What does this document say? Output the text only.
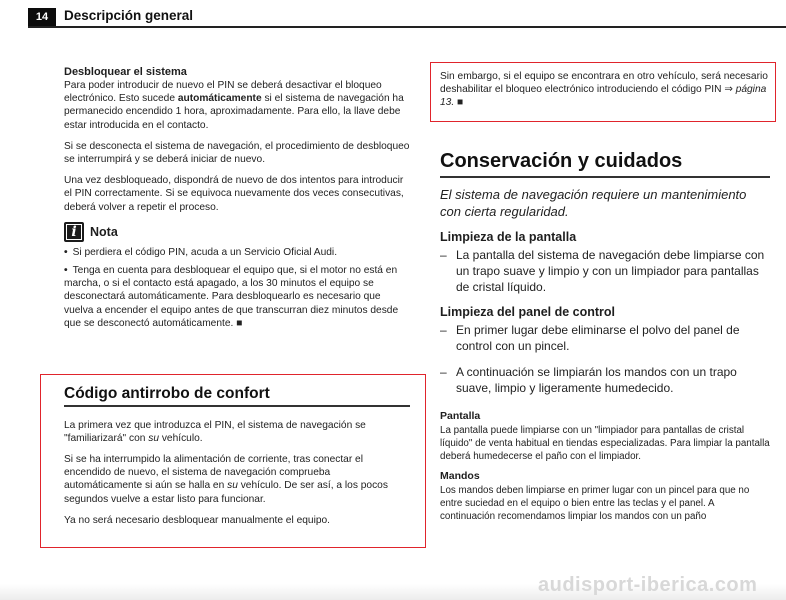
14	Descripción general
Desbloquear el sistema

Para poder introducir de nuevo el PIN se deberá desactivar el bloqueo electrónico. Esto sucede automáticamente si el sistema de navegación ha permanecido encendido 1 hora, aproximadamente. Para ello, la llave debe estar introducida en el contacto.

Si se desconecta el sistema de navegación, el procedimiento de desbloqueo se interrumpirá y se deberá iniciar de nuevo.

Una vez desbloqueado, dispondrá de nuevo de dos intentos para introducir el PIN correctamente. Si se equivoca nuevamente dos veces consecutivas, deberá volver a repetir el proceso.

i	Nota

• Si perdiera el código PIN, acuda a un Servicio Oficial Audi.

• Tenga en cuenta para desbloquear el equipo que, si el motor no está en marcha, o si el contacto está apagado, a los 30 minutos el equipo se desconectará automáticamente. Para desbloquearlo es necesario que vuelva a encender el equipo antes de que transcurran diez minutos desde que se desconectó automáticamente. ■

Código antirrobo de confort

La primera vez que introduzca el PIN, el sistema de navegación se "familiarizará" con su vehículo.

Si se ha interrumpido la alimentación de corriente, tras conectar el encendido de nuevo, el sistema de navegación comprueba automáticamente si aún se halla en su vehículo. De ser así, a los pocos segundos vuelve a estar listo para funcionar.

Ya no será necesario desbloquear manualmente el equipo.

Sin embargo, si el equipo se encontrara en otro vehículo, será necesario deshabilitar el bloqueo electrónico introduciendo el código PIN ⇒ página 13. ■

Conservación y cuidados

El sistema de navegación requiere un mantenimiento con cierta regularidad.

Limpieza de la pantalla
– La pantalla del sistema de navegación debe limpiarse con un trapo suave y limpio y con un limpiador para pantallas de cristal líquido.
Limpieza del panel de control
– En primer lugar debe eliminarse el polvo del panel de control con un pincel.
– A continuación se limpiarán los mandos con un trapo suave, limpio y ligeramente humedecido.
Pantalla

La pantalla puede limpiarse con un "limpiador para pantallas de cristal líquido" de venta habitual en tiendas especializadas. Para limpiar la pantalla deberá humedecerse el paño con el limpiador.

Mandos

Los mandos deben limpiarse en primer lugar con un pincel para que no entre suciedad en el equipo o bien entre las teclas y el panel. A continuación recomendamos limpiar los mandos con un paño

audisport-iberica.com
